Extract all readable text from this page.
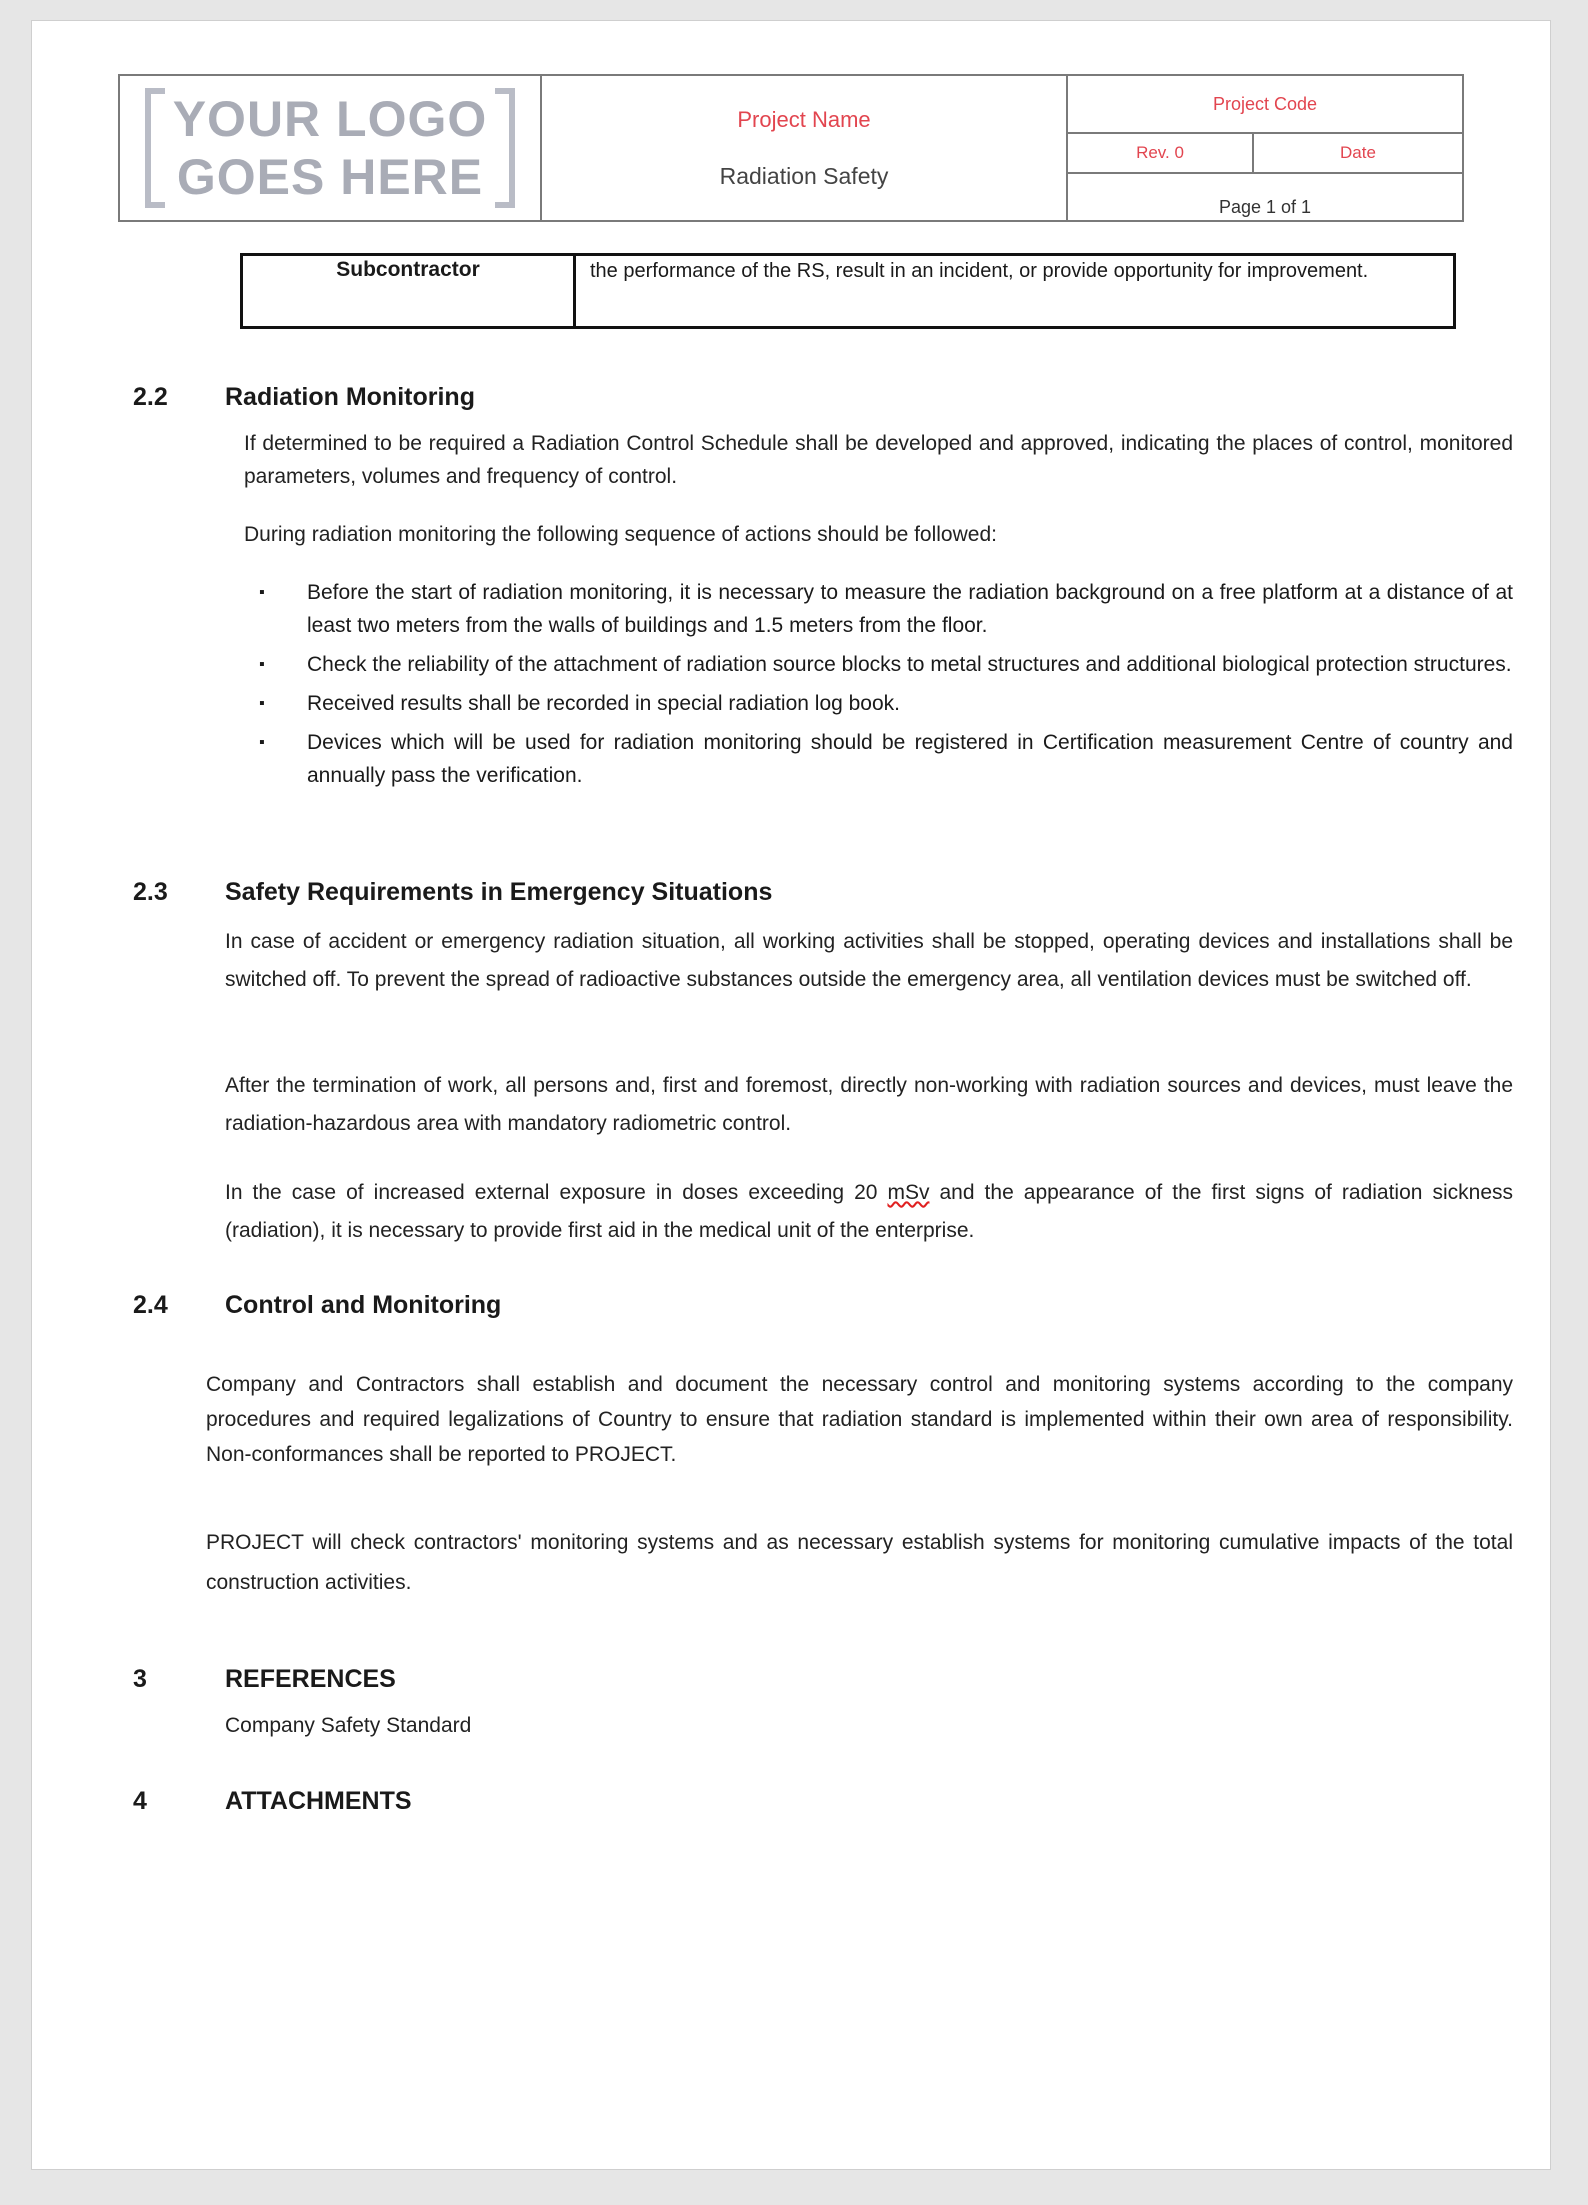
YOUR LOGO
GOES HERE
Project Name
Radiation Safety
Project Code
Rev. 0	Date
Page 1 of 1
Subcontractor	the performance of the RS, result in an incident, or provide opportunity for improvement.
2.2	Radiation Monitoring
If determined to be required a Radiation Control Schedule shall be developed and approved, indicating the places of control, monitored parameters, volumes and frequency of control.
During radiation monitoring the following sequence of actions should be followed:
▪ Before the start of radiation monitoring, it is necessary to measure the radiation background on a free platform at a distance of at least two meters from the walls of buildings and 1.5 meters from the floor.
▪ Check the reliability of the attachment of radiation source blocks to metal structures and additional biological protection structures.
▪ Received results shall be recorded in special radiation log book.
▪ Devices which will be used for radiation monitoring should be registered in Certification measurement Centre of country and annually pass the verification.
2.3	Safety Requirements in Emergency Situations
In case of accident or emergency radiation situation, all working activities shall be stopped, operating devices and installations shall be switched off. To prevent the spread of radioactive substances outside the emergency area, all ventilation devices must be switched off.
After the termination of work, all persons and, first and foremost, directly non-working with radiation sources and devices, must leave the radiation-hazardous area with mandatory radiometric control.
In the case of increased external exposure in doses exceeding 20 mSv and the appearance of the first signs of radiation sickness (radiation), it is necessary to provide first aid in the medical unit of the enterprise.
2.4	Control and Monitoring
Company and Contractors shall establish and document the necessary control and monitoring systems according to the company procedures and required legalizations of Country to ensure that radiation standard is implemented within their own area of responsibility. Non-conformances shall be reported to PROJECT.
PROJECT will check contractors' monitoring systems and as necessary establish systems for monitoring cumulative impacts of the total construction activities.
3	REFERENCES
Company Safety Standard
4	ATTACHMENTS
